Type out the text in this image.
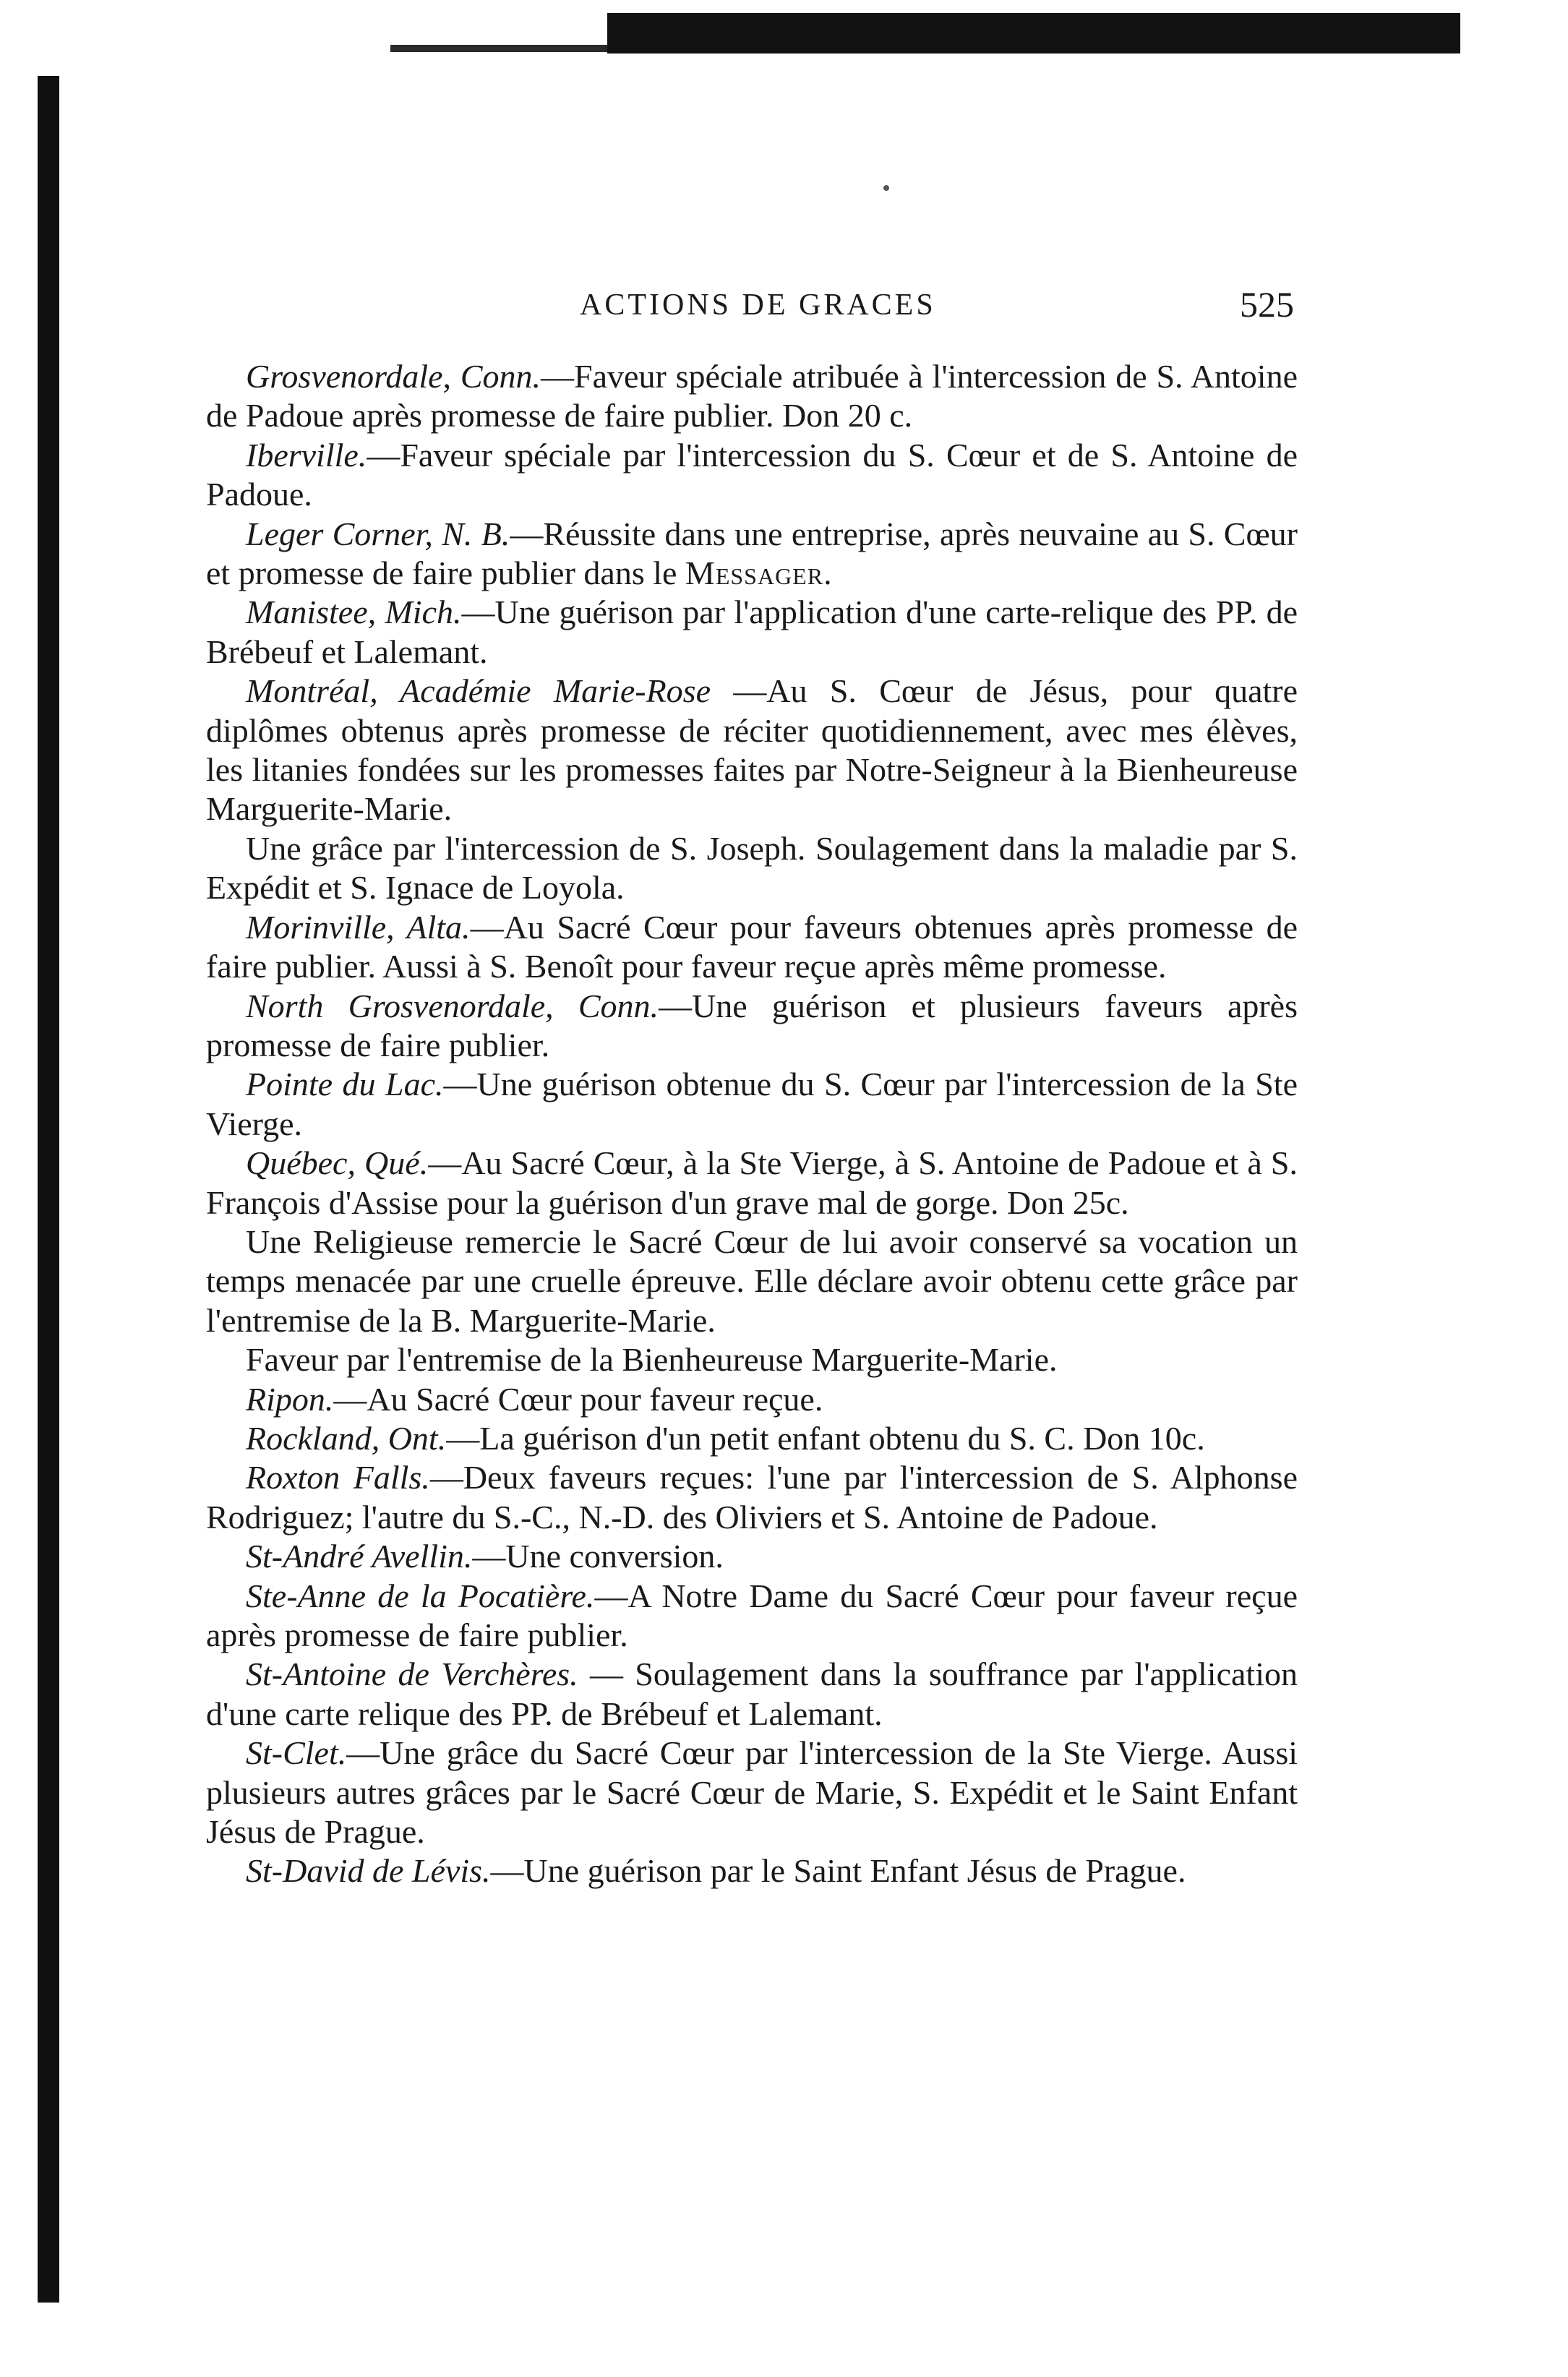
ACTIONS DE GRACES	525

Grosvenordale, Conn.—Faveur spéciale atribuée à l'intercession de S. Antoine de Padoue après promesse de faire publier. Don 20 c.

Iberville.—Faveur spéciale par l'intercession du S. Cœur et de S. Antoine de Padoue.

Leger Corner, N. B.—Réussite dans une entreprise, après neuvaine au S. Cœur et promesse de faire publier dans le Messager.

Manistee, Mich.—Une guérison par l'application d'une carte-relique des PP. de Brébeuf et Lalemant.

Montréal, Académie Marie-Rose —Au S. Cœur de Jésus, pour quatre diplômes obtenus après promesse de réciter quotidiennement, avec mes élèves, les litanies fondées sur les promesses faites par Notre-Seigneur à la Bienheureuse Marguerite-Marie.

Une grâce par l'intercession de S. Joseph. Soulagement dans la maladie par S. Expédit et S. Ignace de Loyola.

Morinville, Alta.—Au Sacré Cœur pour faveurs obtenues après promesse de faire publier. Aussi à S. Benoît pour faveur reçue après même promesse.

North Grosvenordale, Conn.—Une guérison et plusieurs faveurs après promesse de faire publier.

Pointe du Lac.—Une guérison obtenue du S. Cœur par l'intercession de la Ste Vierge.

Québec, Qué.—Au Sacré Cœur, à la Ste Vierge, à S. Antoine de Padoue et à S. François d'Assise pour la guérison d'un grave mal de gorge. Don 25c.

Une Religieuse remercie le Sacré Cœur de lui avoir conservé sa vocation un temps menacée par une cruelle épreuve. Elle déclare avoir obtenu cette grâce par l'entremise de la B. Marguerite-Marie.

Faveur par l'entremise de la Bienheureuse Marguerite-Marie.

Ripon.—Au Sacré Cœur pour faveur reçue.

Rockland, Ont.—La guérison d'un petit enfant obtenu du S. C. Don 10c.

Roxton Falls.—Deux faveurs reçues: l'une par l'intercession de S. Alphonse Rodriguez; l'autre du S.-C., N.-D. des Oliviers et S. Antoine de Padoue.

St-André Avellin.—Une conversion.

Ste-Anne de la Pocatière.—A Notre Dame du Sacré Cœur pour faveur reçue après promesse de faire publier.

St-Antoine de Verchères. — Soulagement dans la souffrance par l'application d'une carte relique des PP. de Brébeuf et Lalemant.

St-Clet.—Une grâce du Sacré Cœur par l'intercession de la Ste Vierge. Aussi plusieurs autres grâces par le Sacré Cœur de Marie, S. Expédit et le Saint Enfant Jésus de Prague.

St-David de Lévis.—Une guérison par le Saint Enfant Jésus de Prague.
